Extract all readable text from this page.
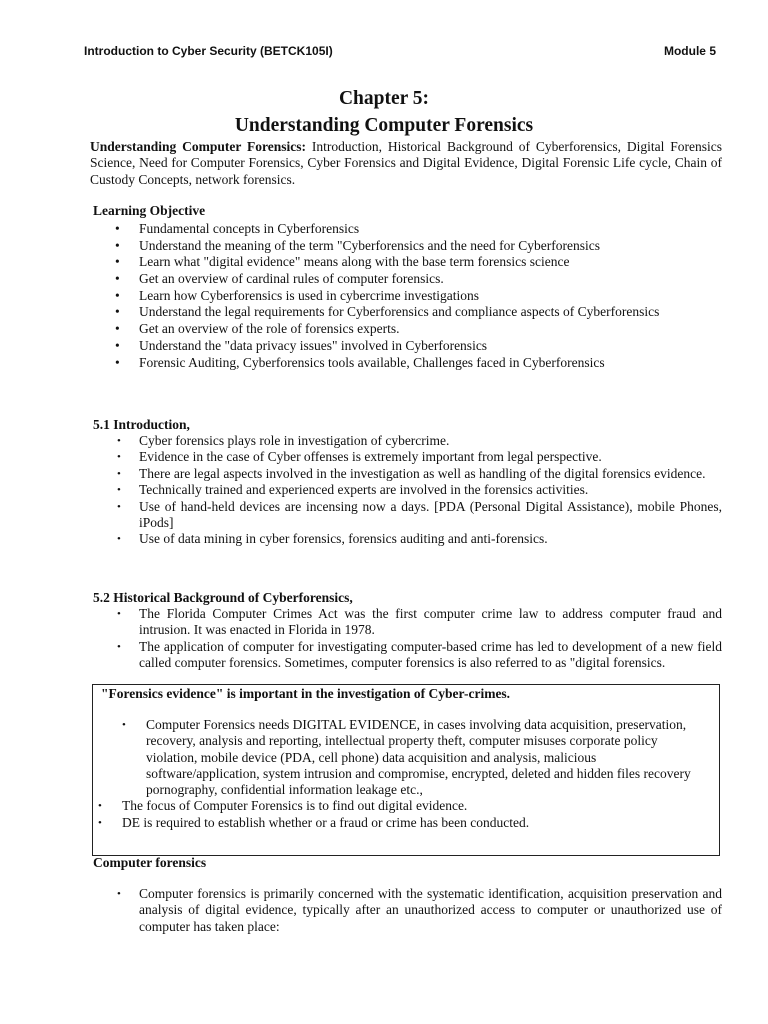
Introduction to Cyber Security (BETCK105I)	Module 5
Chapter 5:
Understanding Computer Forensics
Understanding Computer Forensics: Introduction, Historical Background of Cyberforensics, Digital Forensics Science, Need for Computer Forensics, Cyber Forensics and Digital Evidence, Digital Forensic Life cycle, Chain of Custody Concepts, network forensics.
Learning Objective
• Fundamental concepts in Cyberforensics
• Understand the meaning of the term "Cyberforensics and the need for Cyberforensics
• Learn what "digital evidence" means along with the base term forensics science
• Get an overview of cardinal rules of computer forensics.
• Learn how Cyberforensics is used in cybercrime investigations
• Understand the legal requirements for Cyberforensics and compliance aspects of Cyberforensics
• Get an overview of the role of forensics experts.
• Understand the "data privacy issues" involved in Cyberforensics
• Forensic Auditing, Cyberforensics tools available, Challenges faced in Cyberforensics
5.1 Introduction,
• Cyber forensics plays role in investigation of cybercrime.
• Evidence in the case of Cyber offenses is extremely important from legal perspective.
• There are legal aspects involved in the investigation as well as handling of the digital forensics evidence.
• Technically trained and experienced experts are involved in the forensics activities.
• Use of hand-held devices are incensing now a days. [PDA (Personal Digital Assistance), mobile Phones, iPods]
• Use of data mining in cyber forensics, forensics auditing and anti-forensics.
5.2 Historical Background of Cyberforensics,
• The Florida Computer Crimes Act was the first computer crime law to address computer fraud and intrusion. It was enacted in Florida in 1978.
• The application of computer for investigating computer-based crime has led to development of a new field called computer forensics. Sometimes, computer forensics is also referred to as "digital forensics.
"Forensics evidence" is important in the investigation of Cyber-crimes.
• Computer Forensics needs DIGITAL EVIDENCE, in cases involving data acquisition, preservation, recovery, analysis and reporting, intellectual property theft, computer misuses corporate policy violation, mobile device (PDA, cell phone) data acquisition and analysis, malicious software/application, system intrusion and compromise, encrypted, deleted and hidden files recovery pornography, confidential information leakage etc.,
• The focus of Computer Forensics is to find out digital evidence.
• DE is required to establish whether or a fraud or crime has been conducted.
Computer forensics
• Computer forensics is primarily concerned with the systematic identification, acquisition preservation and analysis of digital evidence, typically after an unauthorized access to computer or unauthorized use of computer has taken place:
